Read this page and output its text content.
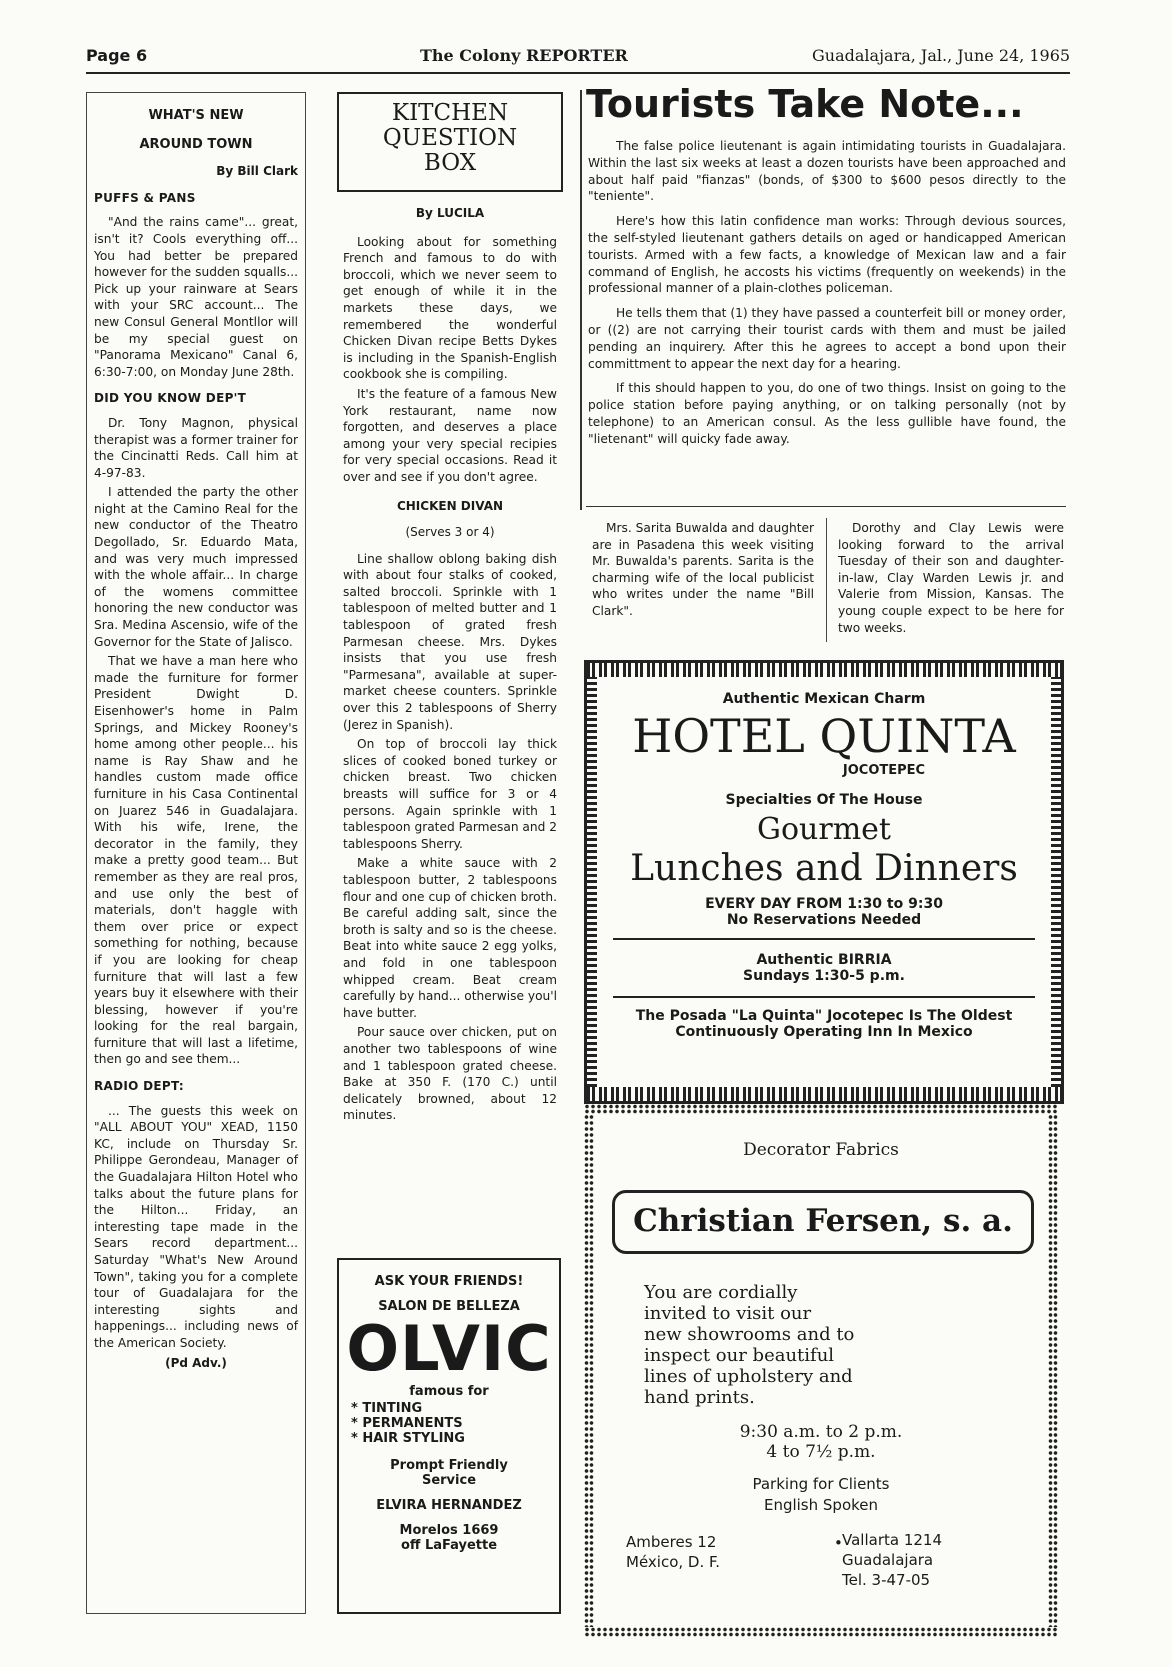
Page 6	The Colony REPORTER	Guadalajara, Jal., June 24, 1965
WHAT'S NEW
AROUND TOWN
By Bill Clark
PUFFS & PANS

"And the rains came"... great, isn't it? Cools everything off... You had better be prepared however for the sudden squalls... Pick up your rainware at Sears with your SRC account... The new Consul General Montllor will be my special guest on "Panorama Mexicano" Canal 6, 6:30-7:00, on Monday June 28th.

DID YOU KNOW DEP'T

Dr. Tony Magnon, physical therapist was a former trainer for the Cincinatti Reds. Call him at 4-97-83.

I attended the party the other night at the Camino Real for the new conductor of the Theatro Degollado, Sr. Eduardo Mata, and was very much impressed with the whole affair... In charge of the womens committee honoring the new conductor was Sra. Medina Ascensio, wife of the Governor for the State of Jalisco.

That we have a man here who made the furniture for former President Dwight D. Eisenhower's home in Palm Springs, and Mickey Rooney's home among other people... his name is Ray Shaw and he handles custom made office furniture in his Casa Continental on Juarez 546 in Guadalajara. With his wife, Irene, the decorator in the family, they make a pretty good team... But remember as they are real pros, and use only the best of materials, don't haggle with them over price or expect something for nothing, because if you are looking for cheap furniture that will last a few years buy it elsewhere with their blessing, however if you're looking for the real bargain, furniture that will last a lifetime, then go and see them...

RADIO DEPT:

... The guests this week on "ALL ABOUT YOU" XEAD, 1150 KC, include on Thursday Sr. Philippe Gerondeau, Manager of the Guadalajara Hilton Hotel who talks about the future plans for the Hilton... Friday, an interesting tape made in the Sears record department... Saturday "What's New Around Town", taking you for a complete tour of Guadalajara for the interesting sights and happenings... including news of the American Society.

(Pd Adv.)
KITCHEN
QUESTION
BOX
By LUCILA

Looking about for something French and famous to do with broccoli, which we never seem to get enough of while it in the markets these days, we remembered the wonderful Chicken Divan recipe Betts Dykes is including in the Spanish-English cookbook she is compiling.

It's the feature of a famous New York restaurant, name now forgotten, and deserves a place among your very special recipies for very special occasions. Read it over and see if you don't agree.

CHICKEN DIVAN
(Serves 3 or 4)

Line shallow oblong baking dish with about four stalks of cooked, salted broccoli. Sprinkle with 1 tablespoon of melted butter and 1 tablespoon of grated fresh Parmesan cheese. Mrs. Dykes insists that you use fresh "Parmesana", available at super-market cheese counters. Sprinkle over this 2 tablespoons of Sherry (Jerez in Spanish).

On top of broccoli lay thick slices of cooked boned turkey or chicken breast. Two chicken breasts will suffice for 3 or 4 persons. Again sprinkle with 1 tablespoon grated Parmesan and 2 tablespoons Sherry.

Make a white sauce with 2 tablespoon butter, 2 tablespoons flour and one cup of chicken broth. Be careful adding salt, since the broth is salty and so is the cheese. Beat into white sauce 2 egg yolks, and fold in one tablespoon whipped cream. Beat cream carefully by hand... otherwise you'l have butter.

Pour sauce over chicken, put on another two tablespoons of wine and 1 tablespoon grated cheese. Bake at 350 F. (170 C.) until delicately browned, about 12 minutes.

ASK YOUR FRIENDS!
SALON DE BELLEZA
OLVIC
famous for
* TINTING
* PERMANENTS
* HAIR STYLING
Prompt Friendly
Service
ELVIRA HERNANDEZ
Morelos 1669
off LaFayette
Tourists Take Note...

The false police lieutenant is again intimidating tourists in Guadalajara. Within the last six weeks at least a dozen tourists have been approached and about half paid "fianzas" (bonds, of $300 to $600 pesos directly to the "teniente".

Here's how this latin confidence man works: Through devious sources, the self-styled lieutenant gathers details on aged or handicapped American tourists. Armed with a few facts, a knowledge of Mexican law and a fair command of English, he accosts his victims (frequently on weekends) in the professional manner of a plain-clothes policeman.

He tells them that (1) they have passed a counterfeit bill or money order, or ((2) are not carrying their tourist cards with them and must be jailed pending an inquirery. After this he agrees to accept a bond upon their committment to appear the next day for a hearing.

If this should happen to you, do one of two things. Insist on going to the police station before paying anything, or on talking personally (not by telephone) to an American consul. As the less gullible have found, the "lietenant" will quicky fade away.

Mrs. Sarita Buwalda and daughter are in Pasadena this week visiting Mr. Buwalda's parents. Sarita is the charming wife of the local publicist who writes under the name "Bill Clark".

Dorothy and Clay Lewis were looking forward to the arrival Tuesday of their son and daughter-in-law, Clay Warden Lewis jr. and Valerie from Mission, Kansas. The young couple expect to be here for two weeks.

Authentic Mexican Charm
HOTEL QUINTA
JOCOTEPEC
Specialties Of The House
Gourmet
Lunches and Dinners
EVERY DAY FROM 1:30 to 9:30
No Reservations Needed
Authentic BIRRIA
Sundays 1:30-5 p.m.
The Posada "La Quinta" Jocotepec Is The Oldest
Continuously Operating Inn In Mexico
Decorator Fabrics
Christian Fersen, s. a.
You are cordially
invited to visit our
new showrooms and to
inspect our beautiful
lines of upholstery and
hand prints.
9:30 a.m. to 2 p.m.
4 to 7½ p.m.
Parking for Clients
English Spoken
Amberes 12
México, D. F.
• Vallarta 1214
Guadalajara
Tel. 3-47-05
